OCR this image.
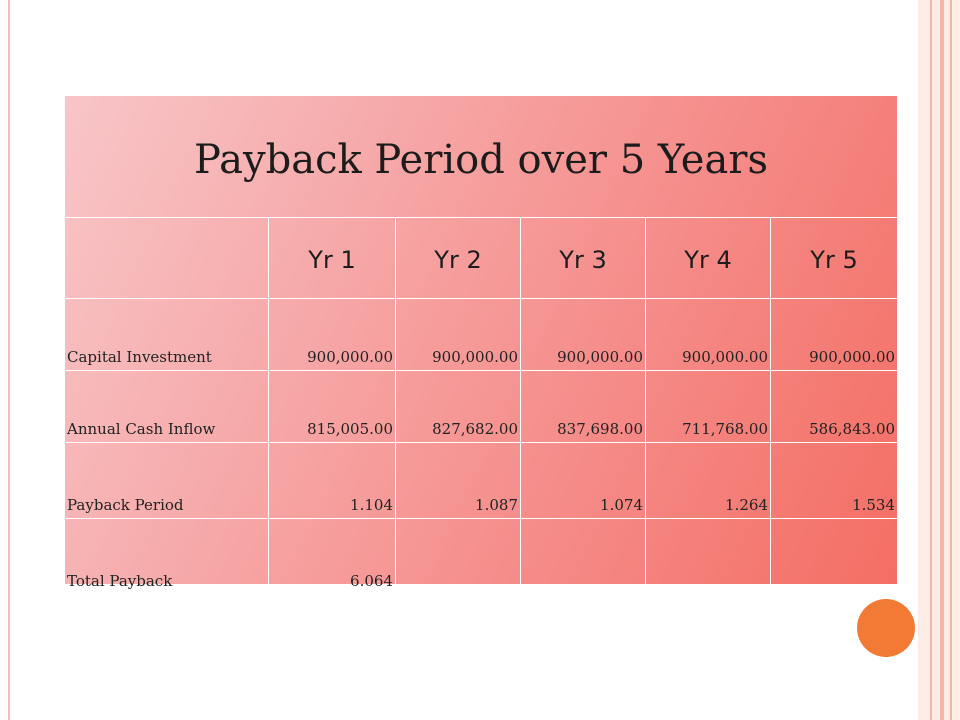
Payback Period over 5 Years					
	Yr 1	Yr 2	Yr 3	Yr 4	Yr 5
Capital Investment	900,000.00	900,000.00	900,000.00	900,000.00	900,000.00
Annual Cash Inflow	815,005.00	827,682.00	837,698.00	711,768.00	586,843.00
Payback Period	1.104	1.087	1.074	1.264	1.534
Total Payback	6.064				
